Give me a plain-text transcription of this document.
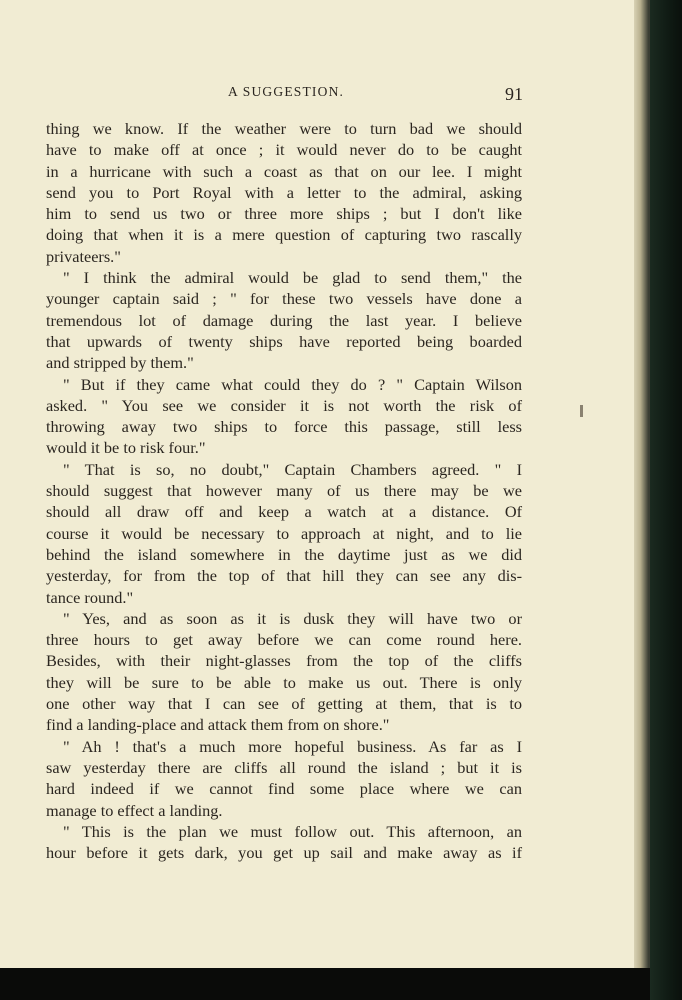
A SUGGESTION.	91
thing we know. If the weather were to turn bad we should
have to make off at once ; it would never do to be caught
in a hurricane with such a coast as that on our lee. I might
send you to Port Royal with a letter to the admiral, asking
him to send us two or three more ships ; but I don't like
doing that when it is a mere question of capturing two rascally
privateers."
" I think the admiral would be glad to send them," the
younger captain said ; " for these two vessels have done a
tremendous lot of damage during the last year. I believe
that upwards of twenty ships have reported being boarded
and stripped by them."
" But if they came what could they do ? " Captain Wilson
asked. " You see we consider it is not worth the risk of
throwing away two ships to force this passage, still less
would it be to risk four."
" That is so, no doubt," Captain Chambers agreed. " I
should suggest that however many of us there may be we
should all draw off and keep a watch at a distance. Of
course it would be necessary to approach at night, and to lie
behind the island somewhere in the daytime just as we did
yesterday, for from the top of that hill they can see any dis-
tance round."
" Yes, and as soon as it is dusk they will have two or
three hours to get away before we can come round here.
Besides, with their night-glasses from the top of the cliffs
they will be sure to be able to make us out. There is only
one other way that I can see of getting at them, that is to
find a landing-place and attack them from on shore."
" Ah ! that's a much more hopeful business. As far as I
saw yesterday there are cliffs all round the island ; but it is
hard indeed if we cannot find some place where we can
manage to effect a landing.
" This is the plan we must follow out. This afternoon, an
hour before it gets dark, you get up sail and make away as if
